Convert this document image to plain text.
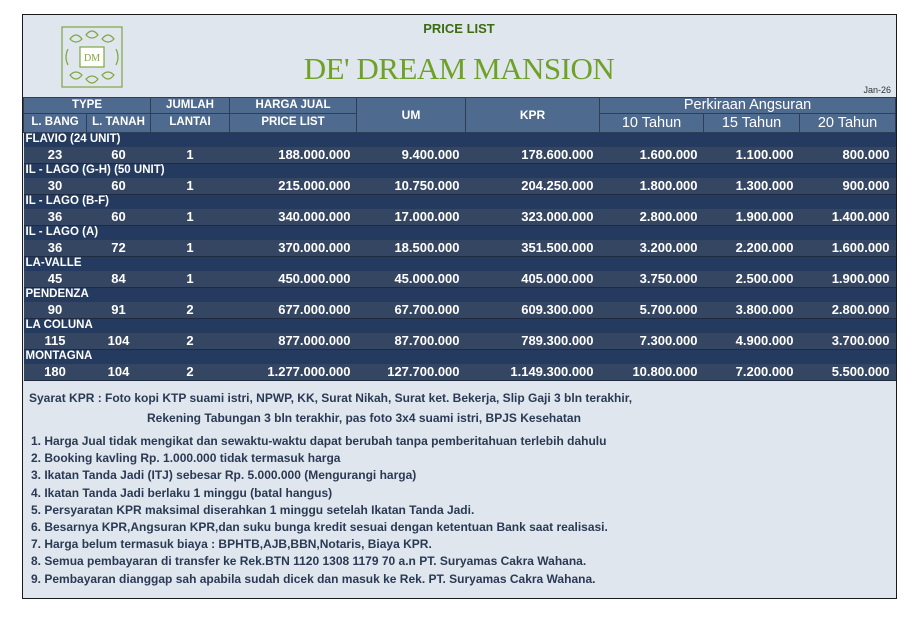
DM
PRICE LIST
DE' DREAM MANSION
Jan-26
TYPE		JUMLAH	HARGA JUAL	UM	KPR	Perkiraan Angsuran		
L. BANG	L. TANAH	LANTAI	PRICE LIST			10 Tahun	15 Tahun	20 Tahun
FLAVIO (24 UNIT)								
23	60	1	188.000.000	9.400.000	178.600.000	1.600.000	1.100.000	800.000
IL - LAGO (G-H) (50 UNIT)								
30	60	1	215.000.000	10.750.000	204.250.000	1.800.000	1.300.000	900.000
IL - LAGO (B-F)								
36	60	1	340.000.000	17.000.000	323.000.000	2.800.000	1.900.000	1.400.000
IL - LAGO (A)								
36	72	1	370.000.000	18.500.000	351.500.000	3.200.000	2.200.000	1.600.000
LA-VALLE								
45	84	1	450.000.000	45.000.000	405.000.000	3.750.000	2.500.000	1.900.000
PENDENZA								
90	91	2	677.000.000	67.700.000	609.300.000	5.700.000	3.800.000	2.800.000
LA COLUNA								
115	104	2	877.000.000	87.700.000	789.300.000	7.300.000	4.900.000	3.700.000
MONTAGNA								
180	104	2	1.277.000.000	127.700.000	1.149.300.000	10.800.000	7.200.000	5.500.000
Syarat KPR : Foto kopi KTP suami istri, NPWP, KK, Surat Nikah, Surat ket. Bekerja, Slip Gaji 3 bln terakhir,
Rekening Tabungan 3 bln terakhir, pas foto 3x4 suami istri, BPJS Kesehatan
1. Harga Jual tidak mengikat dan sewaktu-waktu dapat berubah tanpa pemberitahuan terlebih dahulu
2. Booking kavling Rp. 1.000.000 tidak termasuk harga
3. Ikatan Tanda Jadi (ITJ) sebesar Rp. 5.000.000 (Mengurangi harga)
4. Ikatan Tanda Jadi berlaku 1 minggu (batal hangus)
5. Persyaratan KPR maksimal diserahkan 1 minggu setelah Ikatan Tanda Jadi.
6. Besarnya KPR,Angsuran KPR,dan suku bunga kredit sesuai dengan ketentuan Bank saat realisasi.
7. Harga belum termasuk biaya : BPHTB,AJB,BBN,Notaris, Biaya KPR.
8. Semua pembayaran di transfer ke Rek.BTN 1120 1308 1179 70 a.n PT. Suryamas Cakra Wahana.
9. Pembayaran dianggap sah apabila sudah dicek dan masuk ke Rek. PT. Suryamas Cakra Wahana.
